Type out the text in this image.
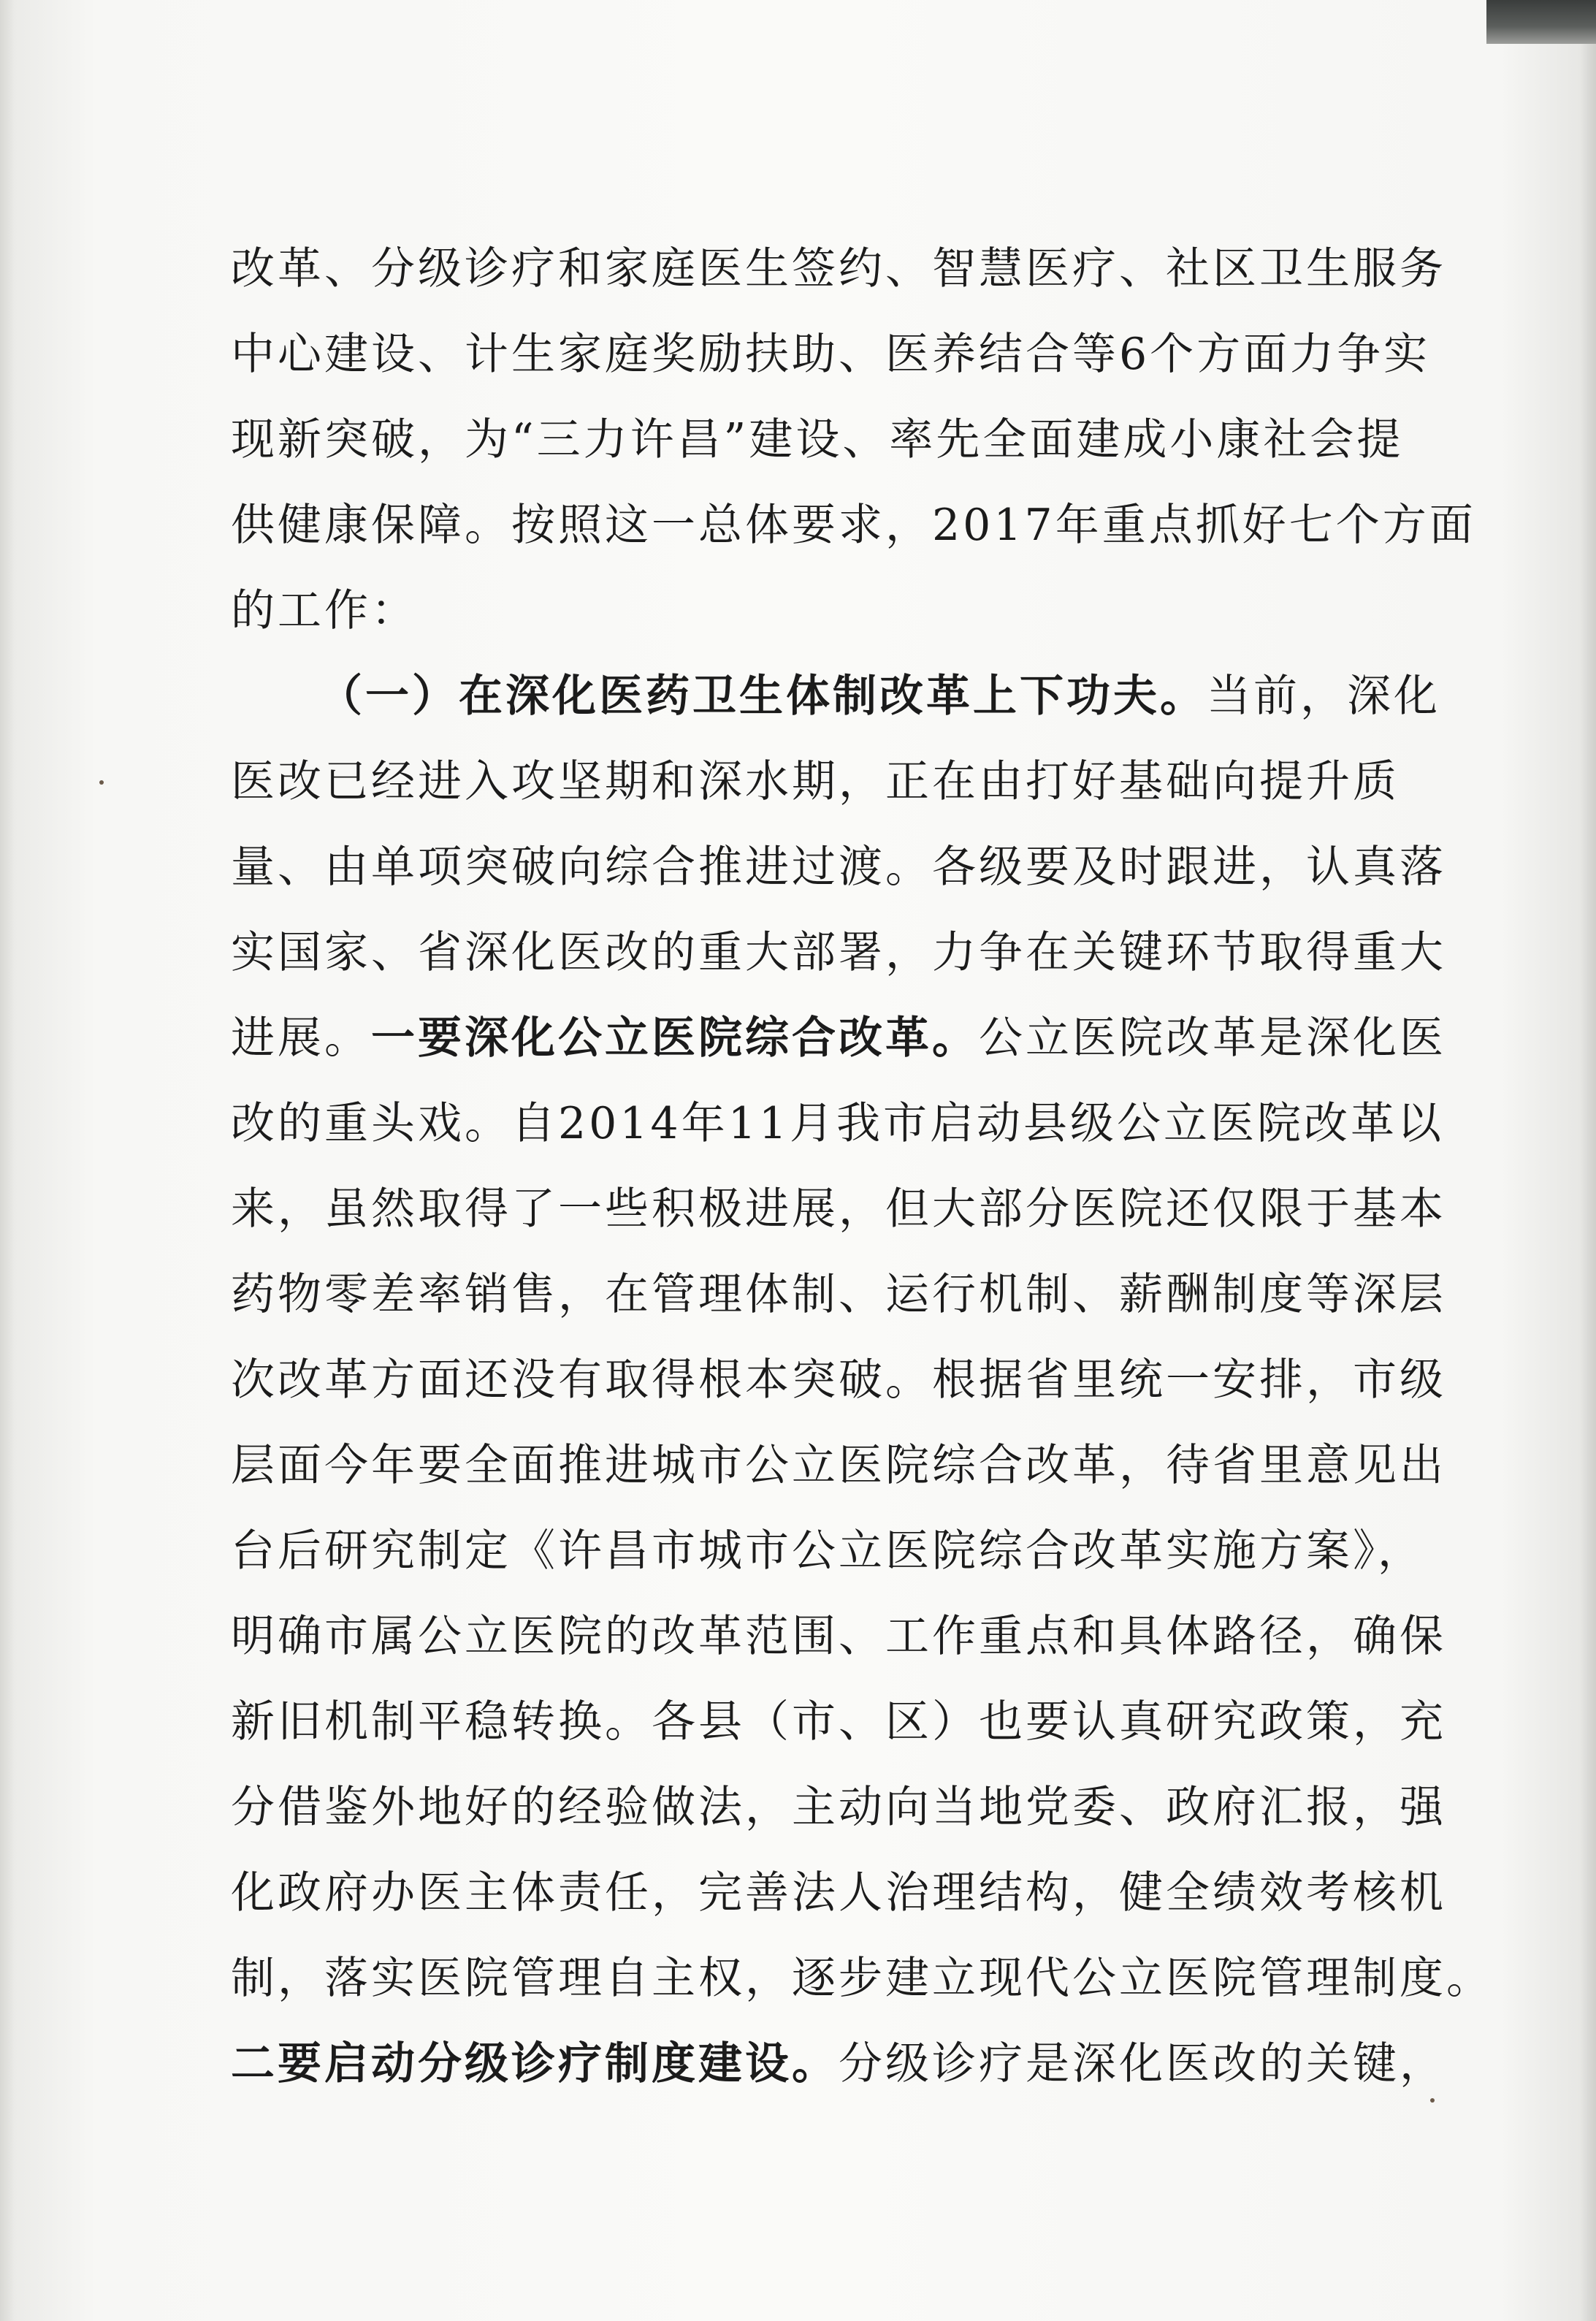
改革、分级诊疗和家庭医生签约、智慧医疗、社区卫生服务
中心建设、计生家庭奖励扶助、医养结合等6个方面力争实
现新突破，为“三力许昌”建设、率先全面建成小康社会提
供健康保障。按照这一总体要求，2017年重点抓好七个方面
的工作：
（一）在深化医药卫生体制改革上下功夫。当前，深化
医改已经进入攻坚期和深水期，正在由打好基础向提升质
量、由单项突破向综合推进过渡。各级要及时跟进，认真落
实国家、省深化医改的重大部署，力争在关键环节取得重大
进展。一要深化公立医院综合改革。公立医院改革是深化医
改的重头戏。自2014年11月我市启动县级公立医院改革以
来，虽然取得了一些积极进展，但大部分医院还仅限于基本
药物零差率销售，在管理体制、运行机制、薪酬制度等深层
次改革方面还没有取得根本突破。根据省里统一安排，市级
层面今年要全面推进城市公立医院综合改革，待省里意见出
台后研究制定《许昌市城市公立医院综合改革实施方案》，
明确市属公立医院的改革范围、工作重点和具体路径，确保
新旧机制平稳转换。各县（市、区）也要认真研究政策，充
分借鉴外地好的经验做法，主动向当地党委、政府汇报，强
化政府办医主体责任，完善法人治理结构，健全绩效考核机
制，落实医院管理自主权，逐步建立现代公立医院管理制度。
二要启动分级诊疗制度建设。分级诊疗是深化医改的关键，
